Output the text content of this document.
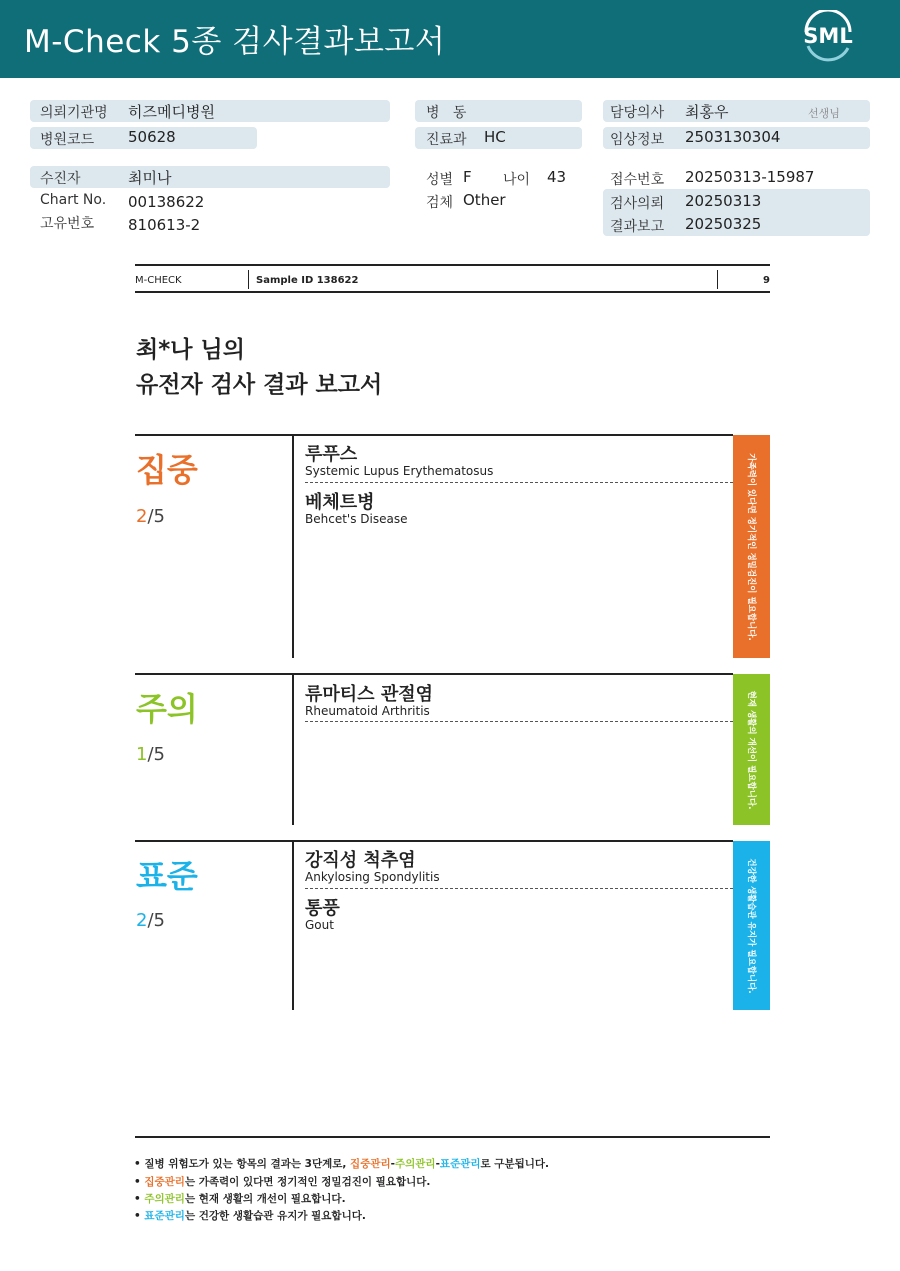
M-Check 5종 검사결과보고서	SML
의뢰기관명 히즈메디병원
병원코드 50628
병   동
진료과 HC
담당의사 최홍우	선생님
임상정보 2503130304
수진자	최미나
Chart No. 00138622
고유번호 810613-2
성별 F 나이 43
검체 Other
접수번호 20250313-15987
검사의뢰 20250313
결과보고 20250325
M-CHECK	Sample ID 138622	9
최*나 님의
유전자 검사 결과 보고서
집중
2/5
루푸스
Systemic Lupus Erythematosus
베체트병
Behcet's Disease	가족력이 있다면 정기적인 정밀검진이 필요합니다.
주의
1/5
류마티스 관절염
Rheumatoid Arthritis	현재 생활의 개선이 필요합니다.
표준
2/5
강직성 척추염
Ankylosing Spondylitis
통풍
Gout	건강한 생활습관 유지가 필요합니다.
• 질병 위험도가 있는 항목의 결과는 3단계로, 집중관리-주의관리-표준관리로 구분됩니다.
• 집중관리는 가족력이 있다면 정기적인 정밀검진이 필요합니다.
• 주의관리는 현재 생활의 개선이 필요합니다.
• 표준관리는 건강한 생활습관 유지가 필요합니다.
